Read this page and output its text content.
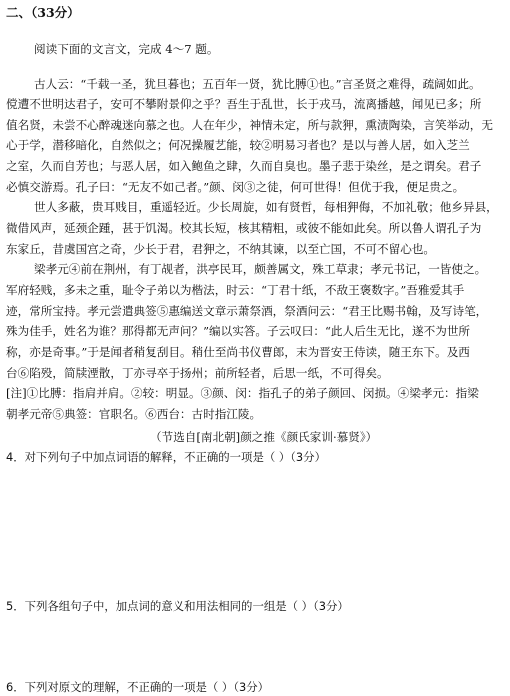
二、（33分）
阅读下面的文言文，完成 4～7 题。
古人云：“千载一圣，犹旦暮也；五百年一贤，犹比膊①也。”言圣贤之难得，疏阔如此。
傥遭不世明达君子，安可不攀附景仰之乎？吾生于乱世，长于戎马，流离播越，闻见已多；所
值名贤，未尝不心醉魂迷向慕之也。人在年少，神情未定，所与款狎，熏渍陶染，言笑举动，无
心于学，潜移暗化，自然似之；何况操履艺能，较②明易习者也？是以与善人居，如入芝兰
之室，久而自芳也；与恶人居，如入鲍鱼之肆，久而自臭也。墨子悲于染丝，是之谓矣。君子
必慎交游焉。孔子曰：“无友不如己者。”颜、闵③之徒，何可世得！但优于我，便足贵之。
世人多蔽，贵耳贱目，重遥轻近。少长周旋，如有贤哲，每相狎侮，不加礼敬；他乡异县，
微借风声，延颈企踵，甚于饥渴。校其长短，核其精粗，或彼不能如此矣。所以鲁人谓孔子为
东家丘，昔虞国宫之奇，少长于君，君狎之，不纳其谏，以至亡国，不可不留心也。
梁孝元④前在荆州，有丁觇者，洪亭民耳，颇善属文，殊工草隶；孝元书记，一皆使之。
军府轻贱，多未之重，耻令子弟以为楷法，时云：“丁君十纸，不敌王褒数字。”吾雅爱其手
迹，常所宝持。孝元尝遣典签⑤惠编送文章示萧祭酒，祭酒问云：“君王比赐书翰，及写诗笔，
殊为佳手，姓名为谁？那得都无声问？”编以实答。子云叹曰：“此人后生无比，遂不为世所
称，亦是奇事。”于是闻者稍复刮目。稍仕至尚书仪曹郎，末为晋安王侍读，随王东下。及西
台⑥陷殁，简牍湮散，丁亦寻卒于扬州；前所轻者，后思一纸，不可得矣。
[注]①比膊：指肩并肩。②较：明显。③颜、闵：指孔子的弟子颜回、闵损。④梁孝元：指梁
朝孝元帝⑤典签：官职名。⑥西台：古时指江陵。
（节选自[南北朝]颜之推《颜氏家训·慕贤》）
4．对下列句子中加点词语的解释，不正确的一项是（ ）（3分）
5．下列各组句子中，加点词的意义和用法相同的一组是（ ）（3分）
6．下列对原文的理解，不正确的一项是（ ）（3分）
